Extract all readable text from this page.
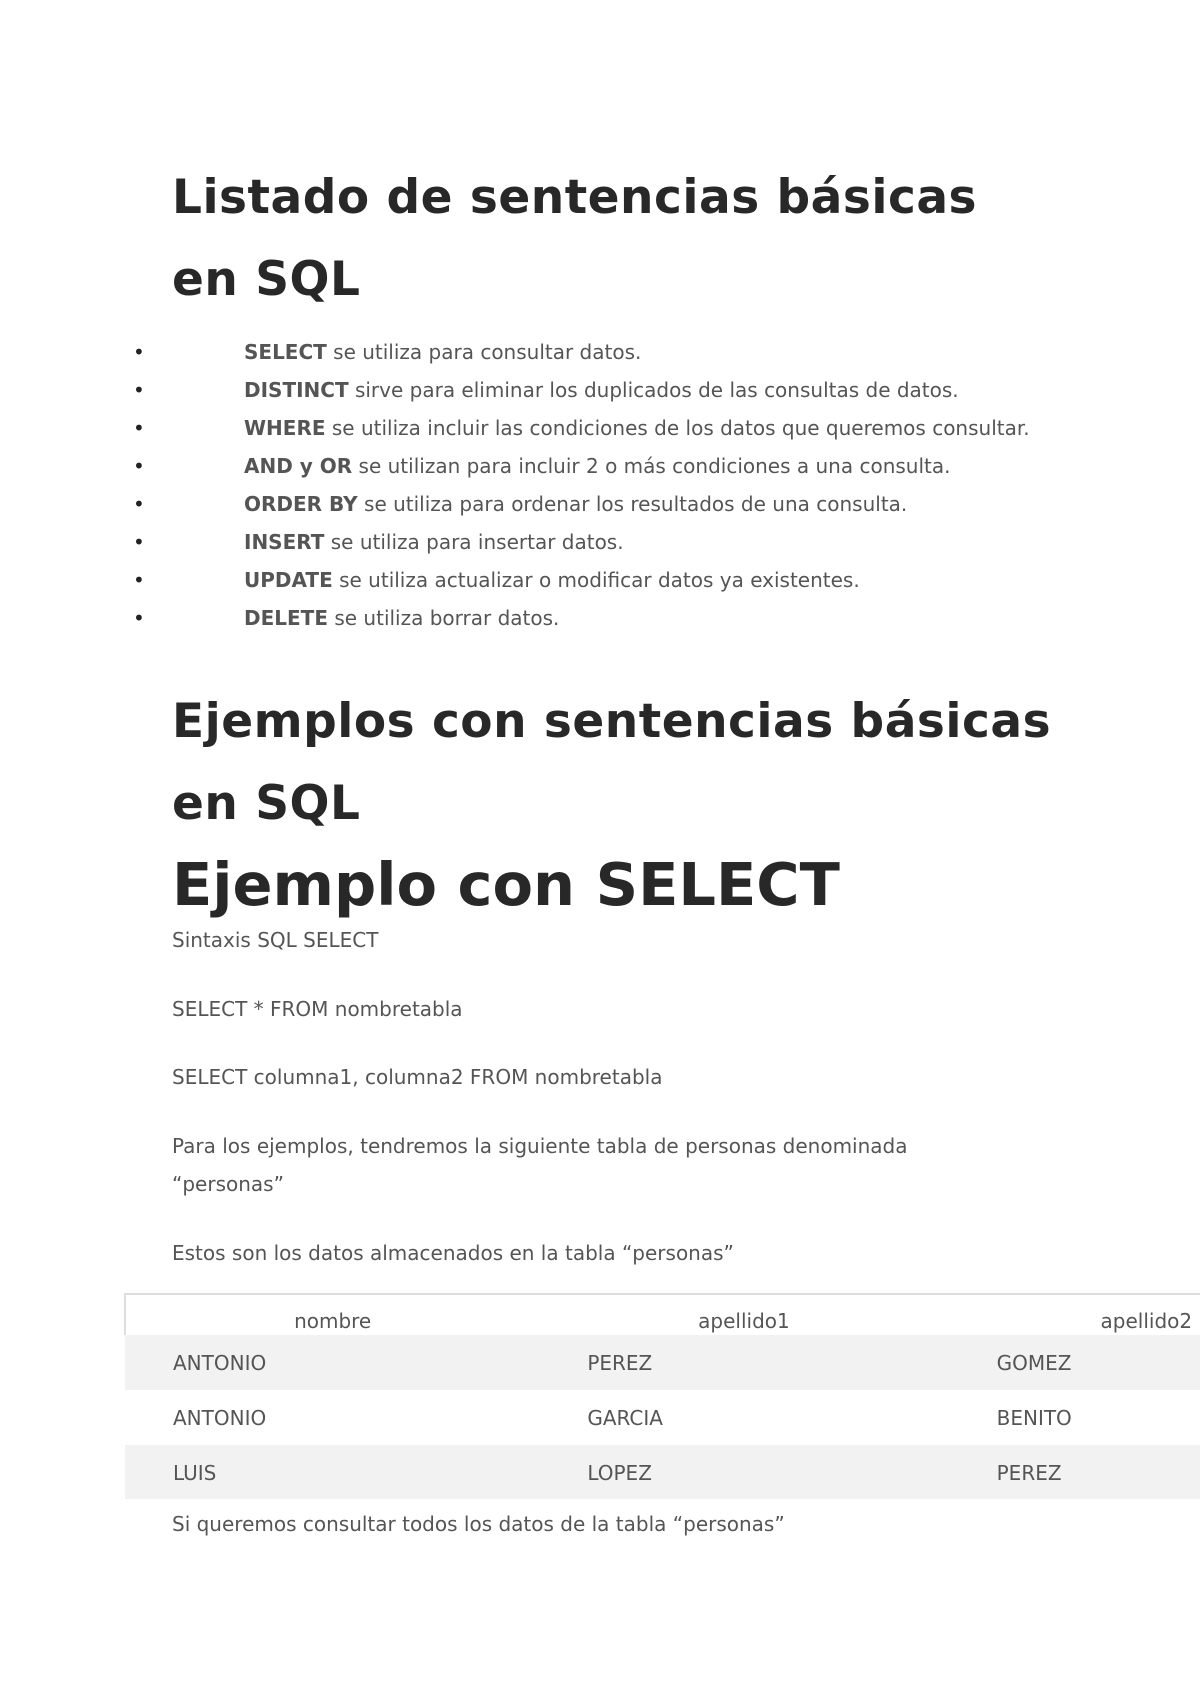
Listado de sentencias básicas en SQL
•	SELECT se utiliza para consultar datos.
•	DISTINCT sirve para eliminar los duplicados de las consultas de datos.
•	WHERE se utiliza incluir las condiciones de los datos que queremos consultar.
•	AND y OR se utilizan para incluir 2 o más condiciones a una consulta.
•	ORDER BY se utiliza para ordenar los resultados de una consulta.
•	INSERT se utiliza para insertar datos.
•	UPDATE se utiliza actualizar o modificar datos ya existentes.
•	DELETE se utiliza borrar datos.
Ejemplos con sentencias básicas en SQL
Ejemplo con SELECT

Sintaxis SQL SELECT

SELECT * FROM nombretabla

SELECT columna1, columna2 FROM nombretabla

Para los ejemplos, tendremos la siguiente tabla de personas denominada “personas”

Estos son los datos almacenados en la tabla “personas”

nombre	apellido1	apellido2
ANTONIO	PEREZ	GOMEZ
ANTONIO	GARCIA	BENITO
LUIS	LOPEZ	PEREZ

Si queremos consultar todos los datos de la tabla “personas”
